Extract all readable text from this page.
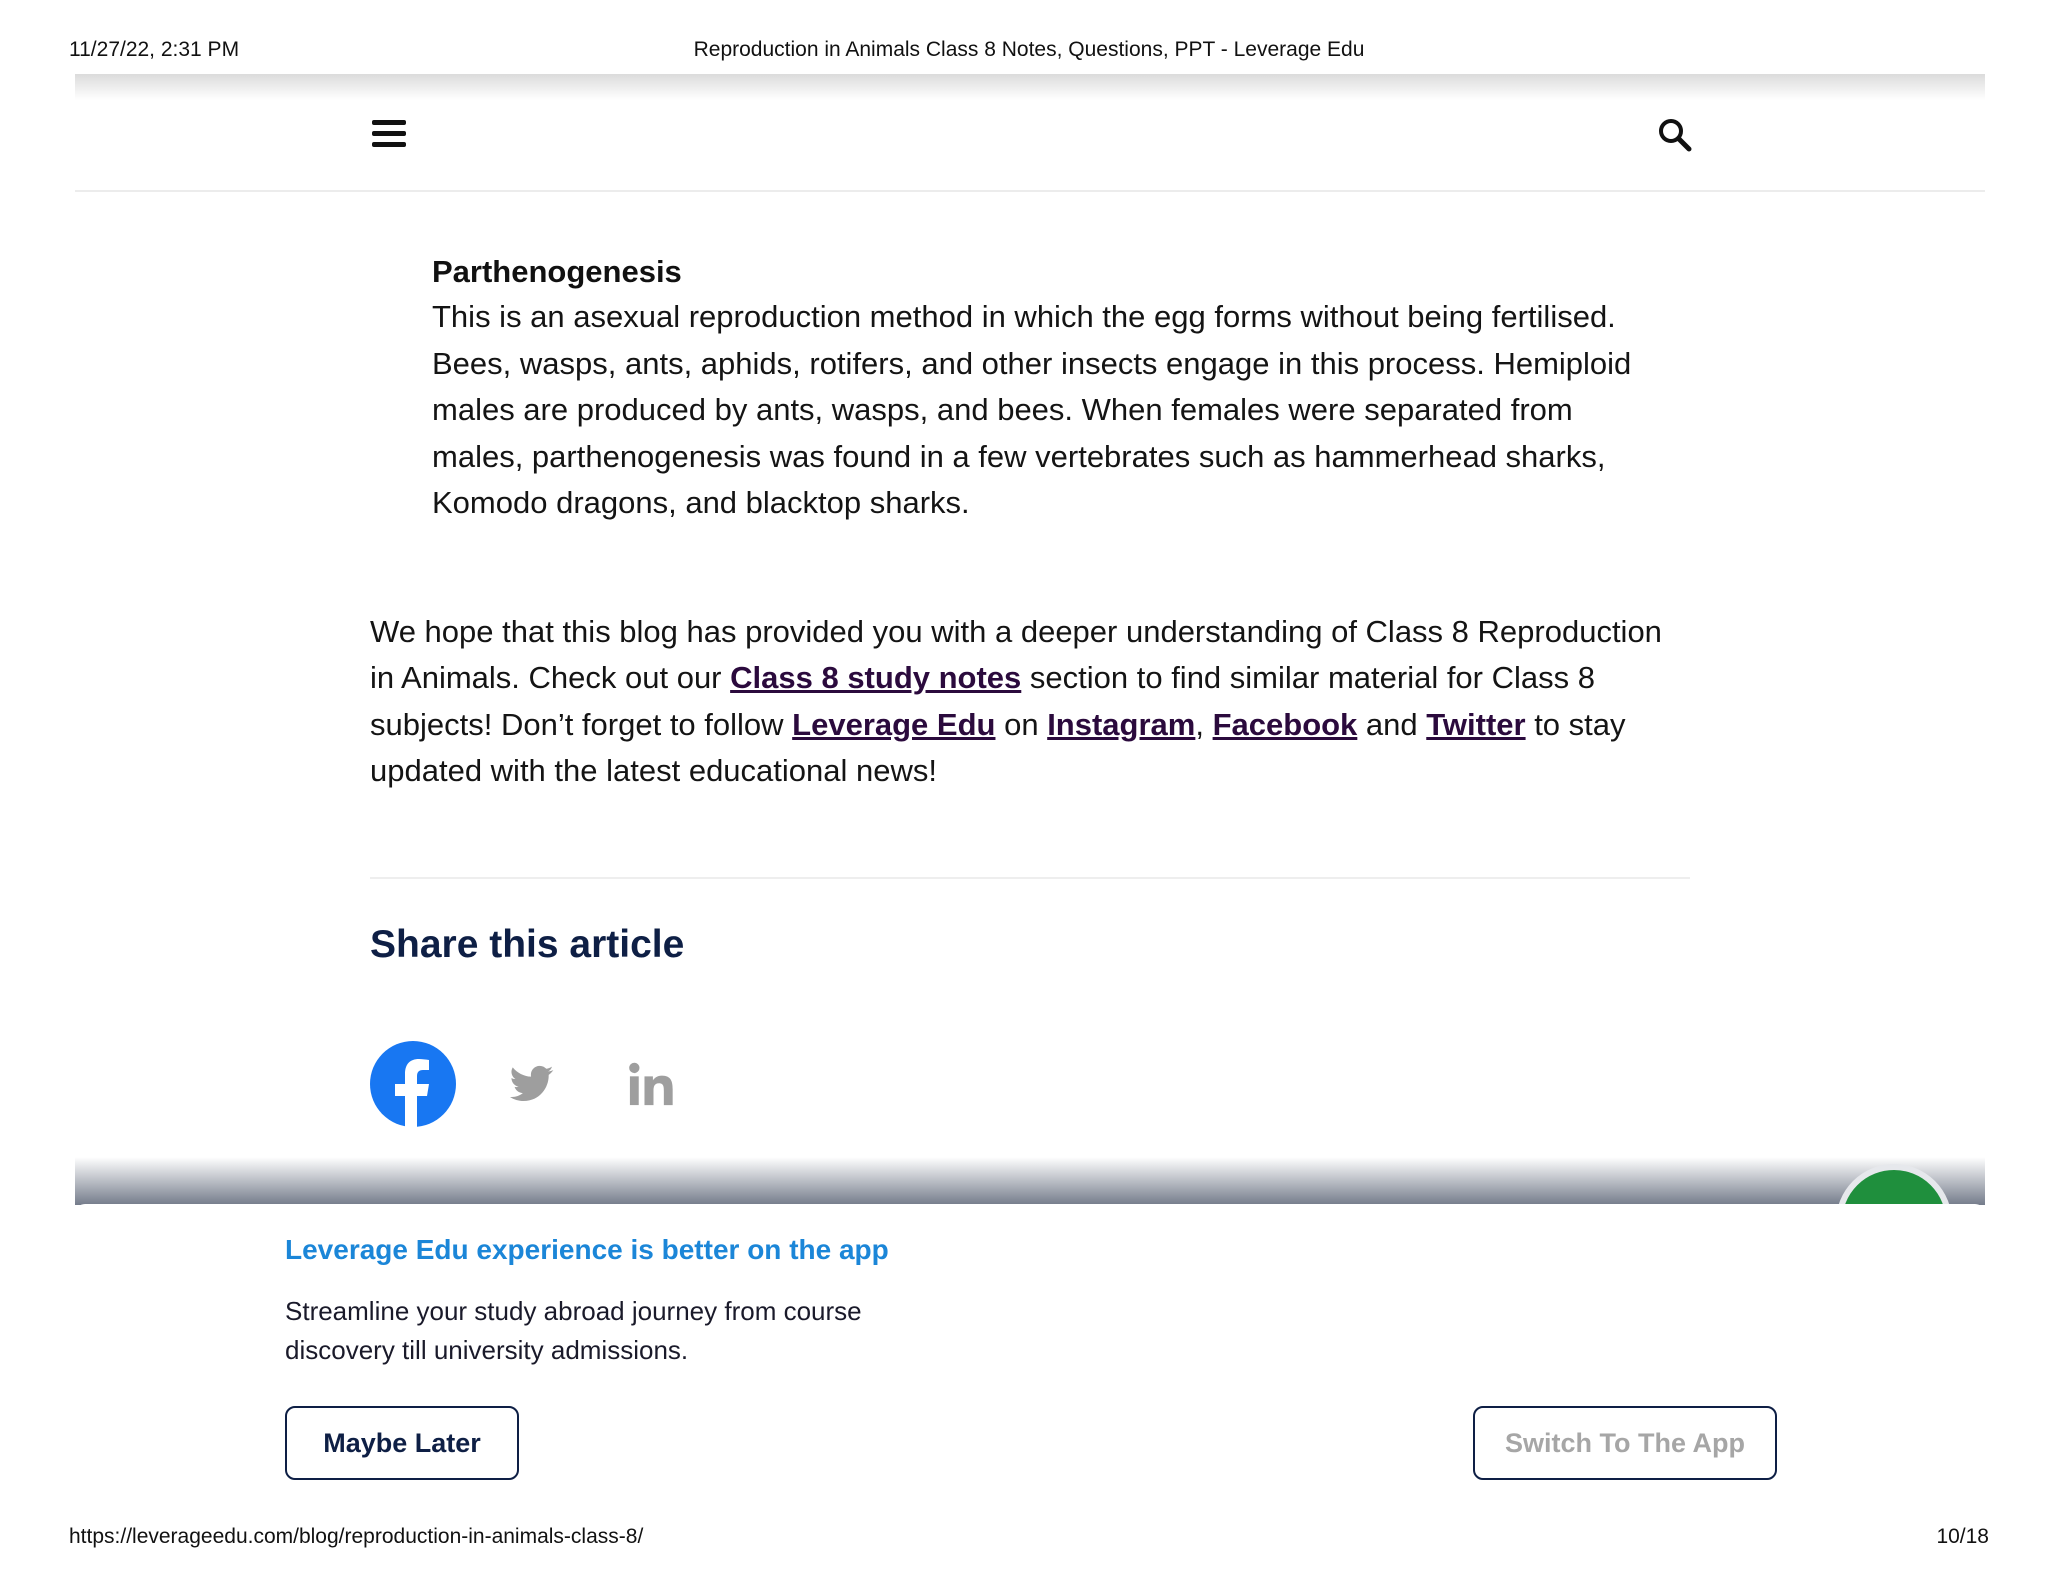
11/27/22, 2:31 PM	Reproduction in Animals Class 8 Notes, Questions, PPT - Leverage Edu
Parthenogenesis

This is an asexual reproduction method in which the egg forms without being fertilised. Bees, wasps, ants, aphids, rotifers, and other insects engage in this process. Hemiploid males are produced by ants, wasps, and bees. When females were separated from males, parthenogenesis was found in a few vertebrates such as hammerhead sharks, Komodo dragons, and blacktop sharks.

We hope that this blog has provided you with a deeper understanding of Class 8 Reproduction in Animals. Check out our Class 8 study notes section to find similar material for Class 8 subjects! Don’t forget to follow Leverage Edu on Instagram, Facebook and Twitter to stay updated with the latest educational news!

Share this article
Leverage Edu experience is better on the app

Streamline your study abroad journey from course discovery till university admissions.

Maybe Later	Switch To The App
https://leverageedu.com/blog/reproduction-in-animals-class-8/	10/18
